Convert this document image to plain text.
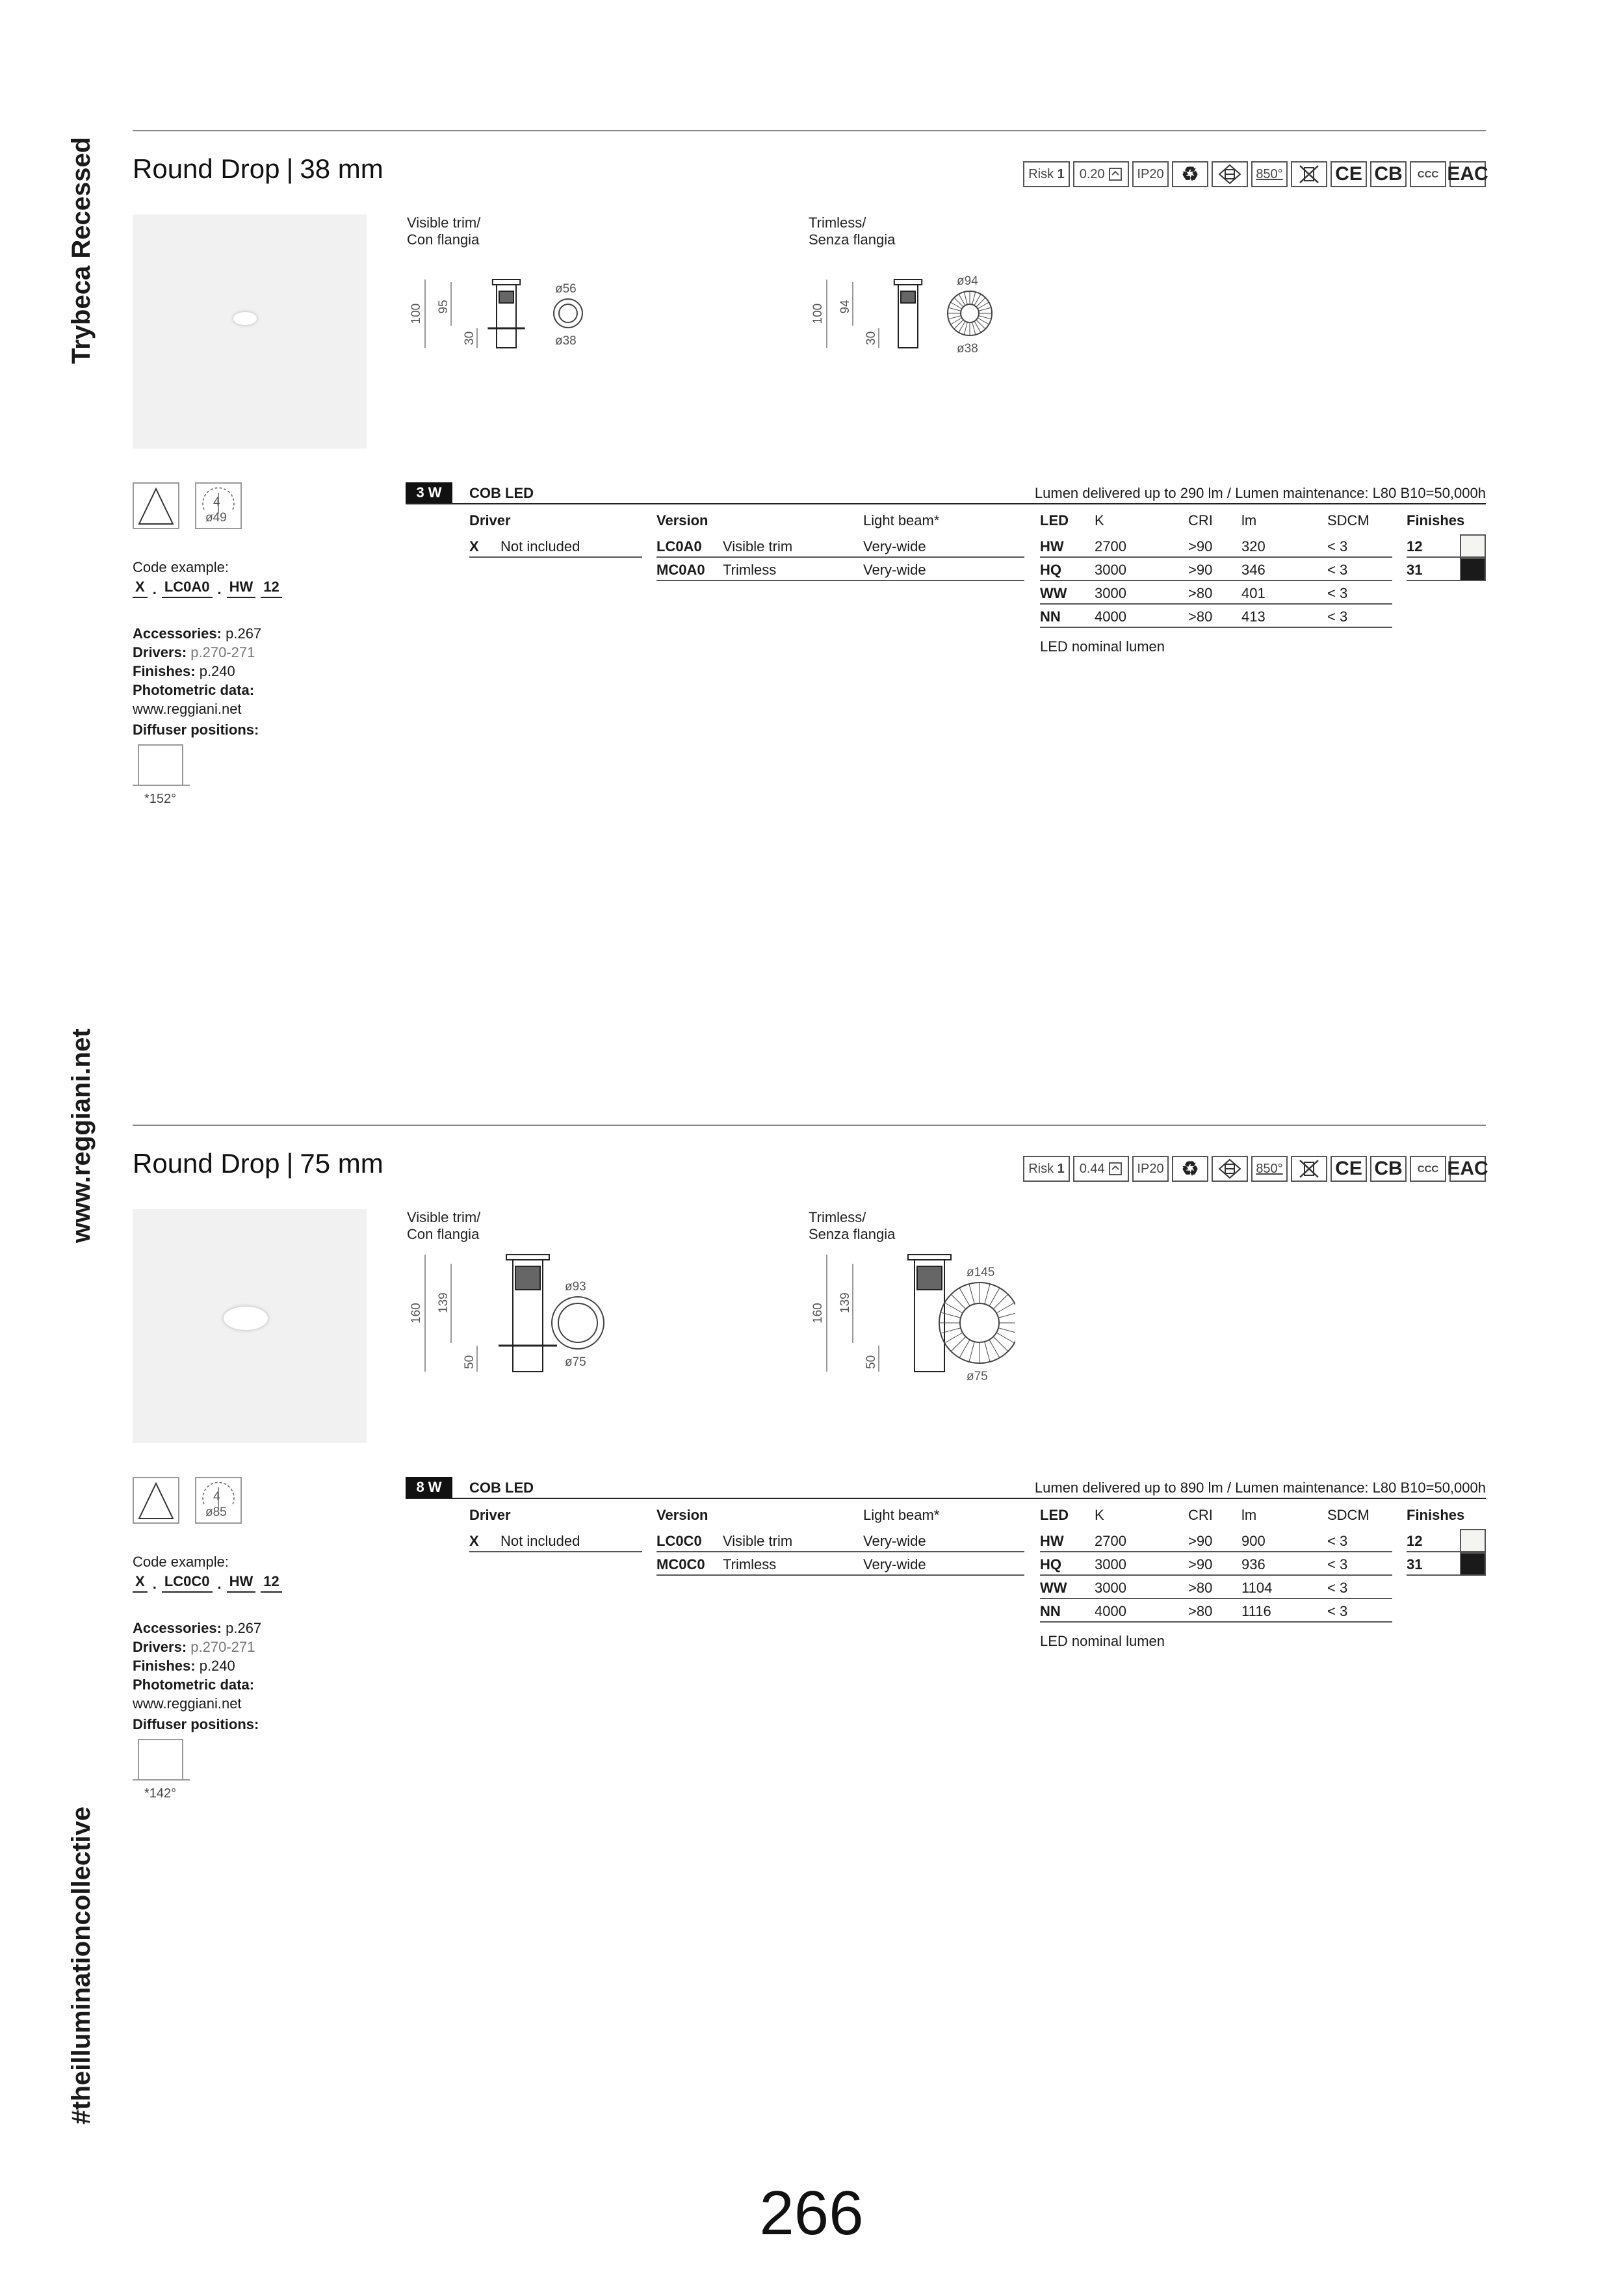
Trybeca Recessed
www.reggiani.net
#theilluminationcollective
Round Drop | 38 mm	Risk
1 0.20
	IP20 ♻	850°	CE CB	CCC EAC
Visible trim/
Con flangia
Trimless/
Senza flangia
100 95
30
ø56
ø38
100 94
30
ø94
ø38
4
ø49
Code example:
X . LC0A0 . HW 12
Accessories: p.267
Drivers: p.270-271
Finishes: p.240
Photometric data:
www.reggiani.net
Diffuser positions:
*152°
3 W	COB LED	Lumen delivered up to 290 lm / Lumen maintenance: L80 B10=50,000h
Driver
X Not included
Version	Light beam*
LC0A0 Visible trim	Very-wide
MC0A0 Trimless	Very-wide
LED K	CRI lm	SDCM
HW 2700	>90 320	< 3
HQ 3000	>90 346	< 3
WW 3000	>80 401	< 3
NN 4000	>80 413	< 3
LED nominal lumen
Finishes
12
31
Round Drop | 75 mm	Risk
1 0.44
	IP20 ♻	850°	CE CB	CCC EAC
Visible trim/
Con flangia
Trimless/
Senza flangia
160
139
50
ø93
ø75
160
139
50
ø145
ø75
4
ø85
Code example:
X . LC0C0 . HW 12
Accessories: p.267
Drivers: p.270-271
Finishes: p.240
Photometric data:
www.reggiani.net
Diffuser positions:
*142°
8 W	COB LED	Lumen delivered up to 890 lm / Lumen maintenance: L80 B10=50,000h
Driver
X Not included
Version	Light beam*
LC0C0 Visible trim	Very-wide
MC0C0 Trimless	Very-wide
LED K	CRI lm	SDCM
HW 2700	>90 900	< 3
HQ 3000	>90 936	< 3
WW 3000	>80 1104	< 3
NN 4000	>80 1116	< 3
LED nominal lumen
Finishes
12
31
266
